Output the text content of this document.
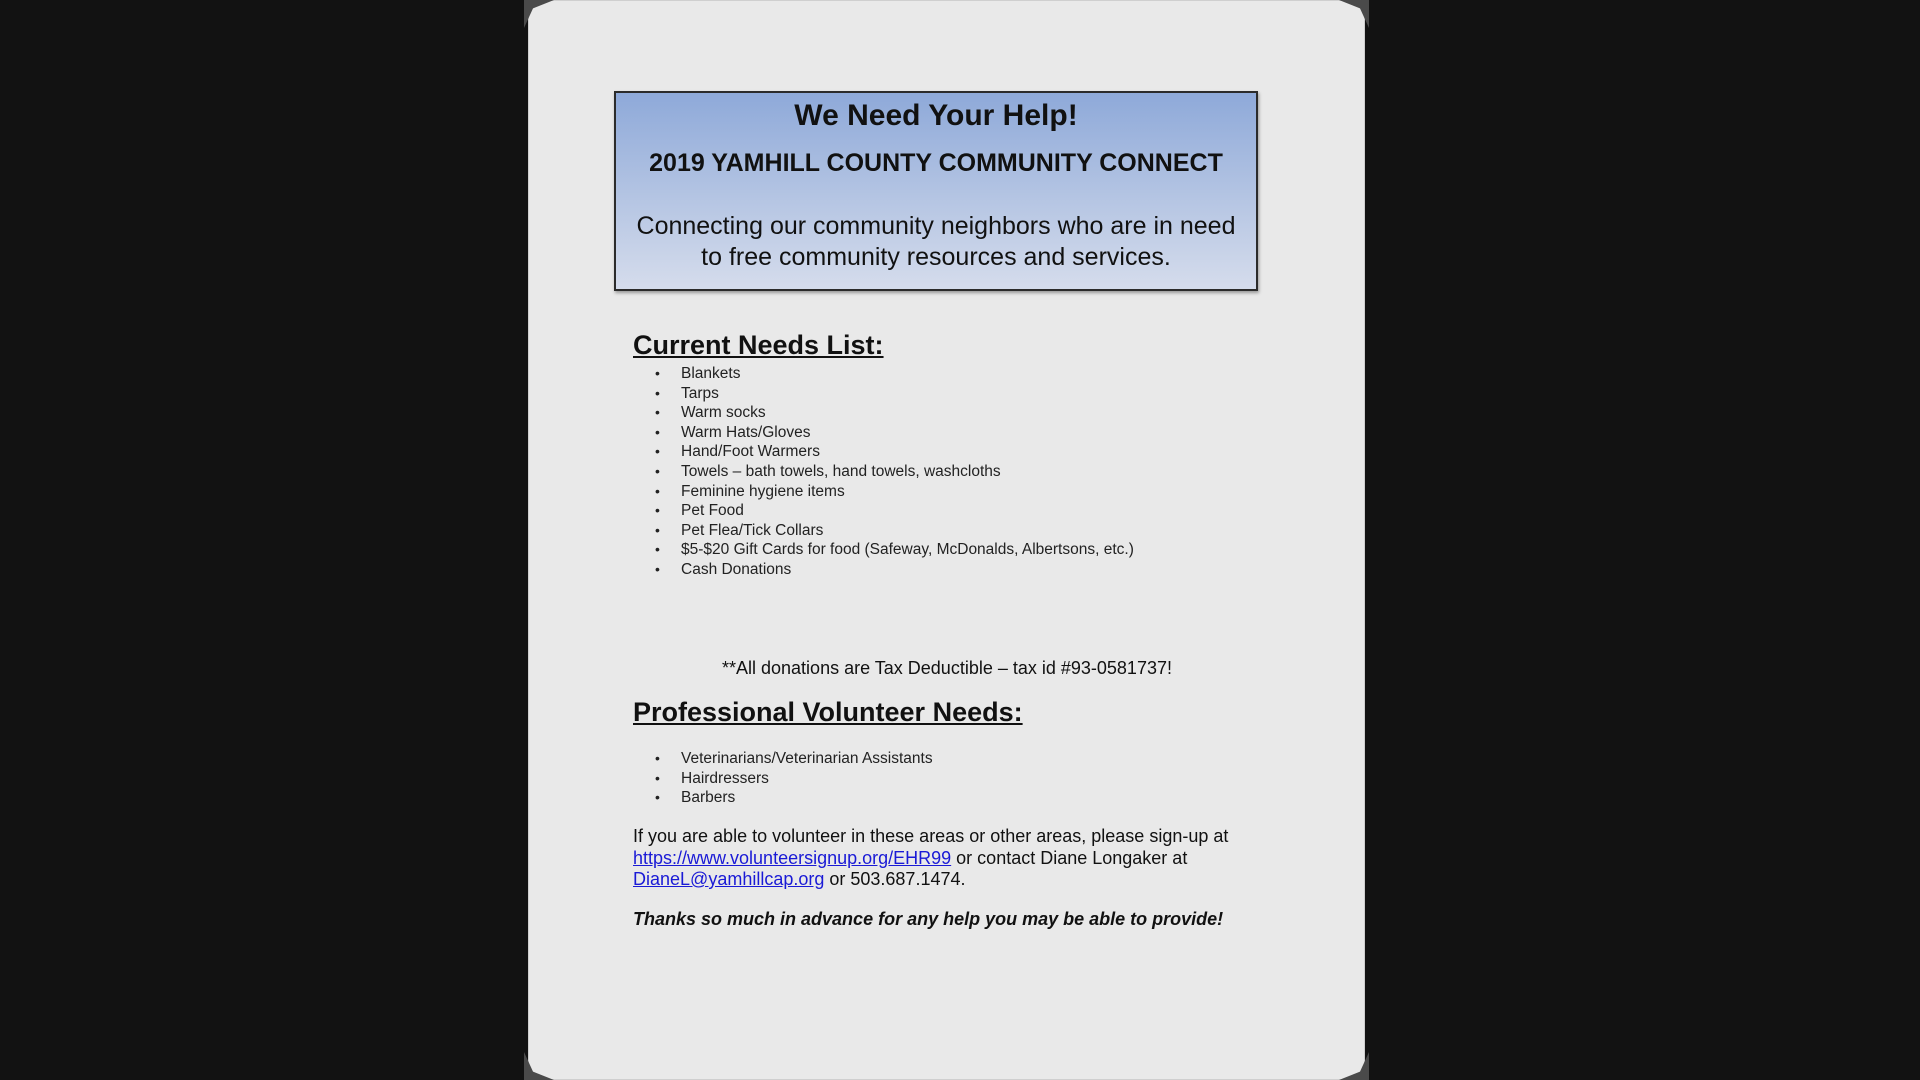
We Need Your Help!
2019 YAMHILL COUNTY COMMUNITY CONNECT
Connecting our community neighbors who are in need to free community resources and services.
Current Needs List:
• Blankets
• Tarps
• Warm socks
• Warm Hats/Gloves
• Hand/Foot Warmers
• Towels – bath towels, hand towels, washcloths
• Feminine hygiene items
• Pet Food
• Pet Flea/Tick Collars
• $5-$20 Gift Cards for food (Safeway, McDonalds, Albertsons, etc.)
• Cash Donations
**All donations are Tax Deductible – tax id #93-0581737!
Professional Volunteer Needs:
• Veterinarians/Veterinarian Assistants
• Hairdressers
• Barbers
If you are able to volunteer in these areas or other areas, please sign-up at
https://www.volunteersignup.org/EHR99 or contact Diane Longaker at
DianeL@yamhillcap.org or 503.687.1474.
Thanks so much in advance for any help you may be able to provide!
